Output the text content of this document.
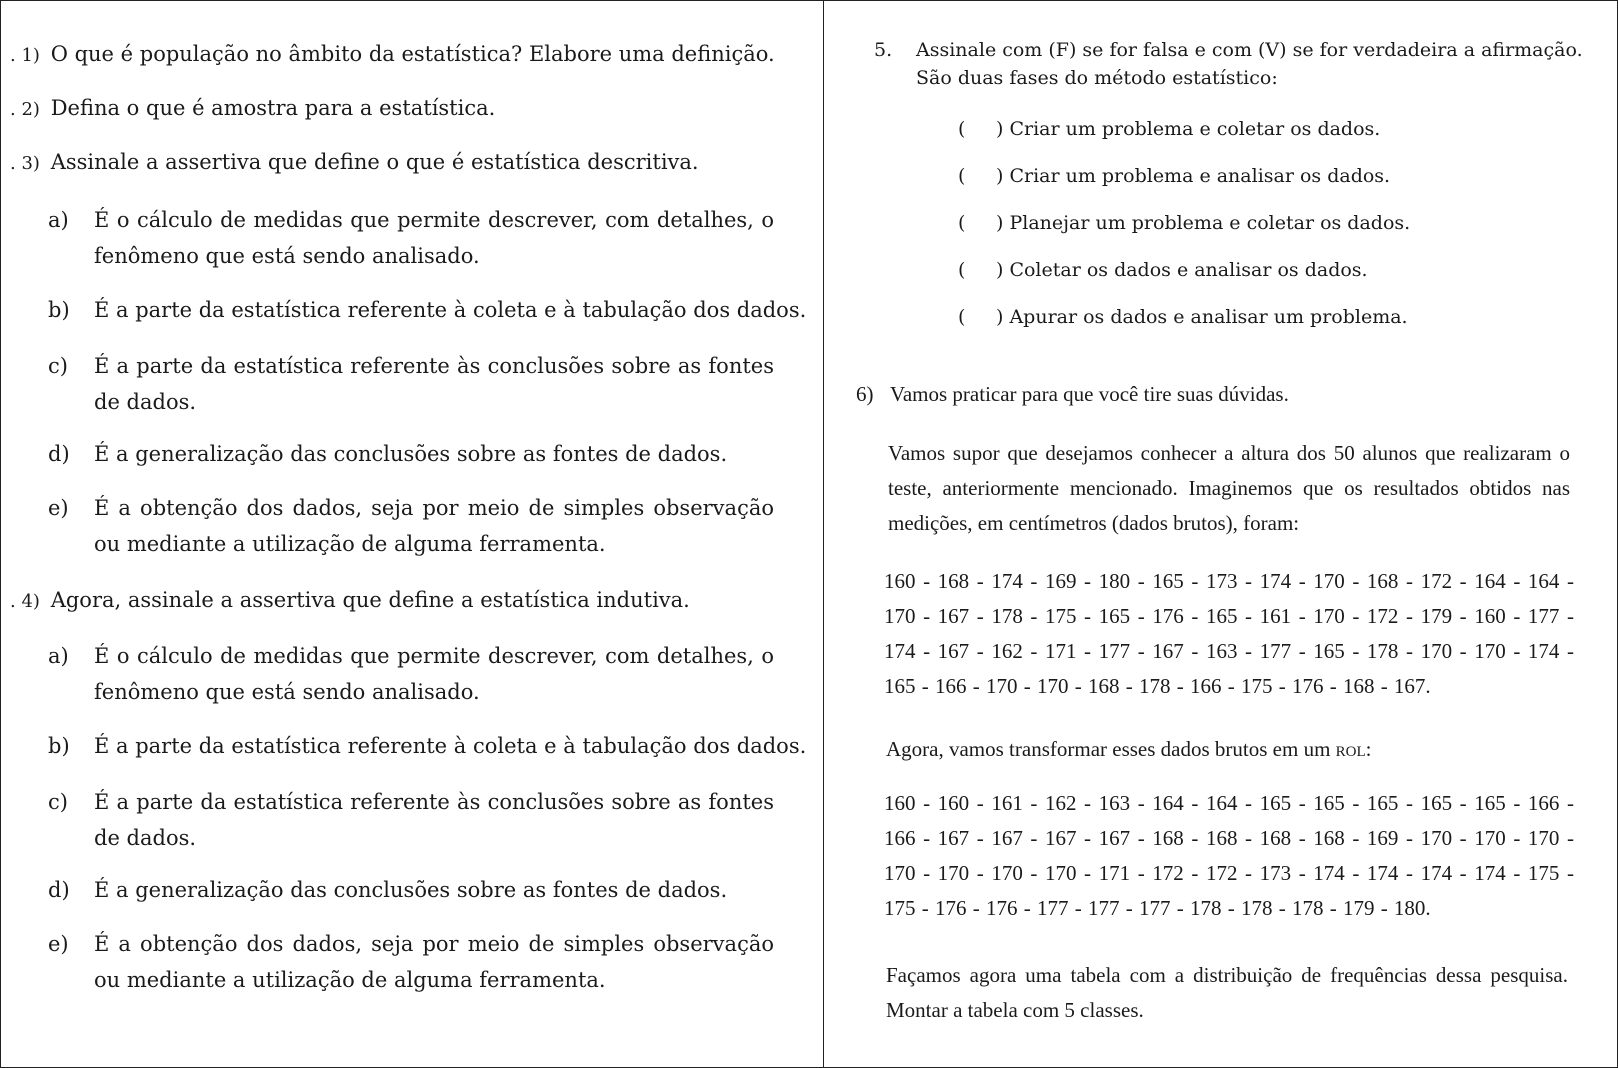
. 1) O que é população no âmbito da estatística? Elabore uma definição.
. 2) Defina o que é amostra para a estatística.
. 3) Assinale a assertiva que define o que é estatística descritiva.
a) É o cálculo de medidas que permite descrever, com detalhes, o fenômeno que está sendo analisado.
b) É a parte da estatística referente à coleta e à tabulação dos dados.
c) É a parte da estatística referente às conclusões sobre as fontes de dados.
d) É a generalização das conclusões sobre as fontes de dados.
e) É a obtenção dos dados, seja por meio de simples observação ou mediante a utilização de alguma ferramenta.
. 4) Agora, assinale a assertiva que define a estatística indutiva.
a) É o cálculo de medidas que permite descrever, com detalhes, o fenômeno que está sendo analisado.
b) É a parte da estatística referente à coleta e à tabulação dos dados.
c) É a parte da estatística referente às conclusões sobre as fontes de dados.
d) É a generalização das conclusões sobre as fontes de dados.
e) É a obtenção dos dados, seja por meio de simples observação ou mediante a utilização de alguma ferramenta.
5. Assinale com (F) se for falsa e com (V) se for verdadeira a afirmação. São duas fases do método estatístico:
( ) Criar um problema e coletar os dados.
( ) Criar um problema e analisar os dados.
( ) Planejar um problema e coletar os dados.
( ) Coletar os dados e analisar os dados.
( ) Apurar os dados e analisar um problema.
6) Vamos praticar para que você tire suas dúvidas.
Vamos supor que desejamos conhecer a altura dos 50 alunos que realizaram o teste, anteriormente mencionado. Imaginemos que os resultados obtidos nas medições, em centímetros (dados brutos), foram:
160 - 168 - 174 - 169 - 180 - 165 - 173 - 174 - 170 - 168 - 172 - 164 - 164 - 170 - 167 - 178 - 175 - 165 - 176 - 165 - 161 - 170 - 172 - 179 - 160 - 177 - 174 - 167 - 162 - 171 - 177 - 167 - 163 - 177 - 165 - 178 - 170 - 170 - 174 - 165 - 166 - 170 - 170 - 168 - 178 - 166 - 175 - 176 - 168 - 167.
Agora, vamos transformar esses dados brutos em um rol:
160 - 160 - 161 - 162 - 163 - 164 - 164 - 165 - 165 - 165 - 165 - 165 - 166 - 166 - 167 - 167 - 167 - 167 - 168 - 168 - 168 - 168 - 169 - 170 - 170 - 170 - 170 - 170 - 170 - 170 - 171 - 172 - 172 - 173 - 174 - 174 - 174 - 174 - 175 - 175 - 176 - 176 - 177 - 177 - 177 - 178 - 178 - 178 - 179 - 180.
Façamos agora uma tabela com a distribuição de frequências dessa pesquisa. Montar a tabela com 5 classes.
